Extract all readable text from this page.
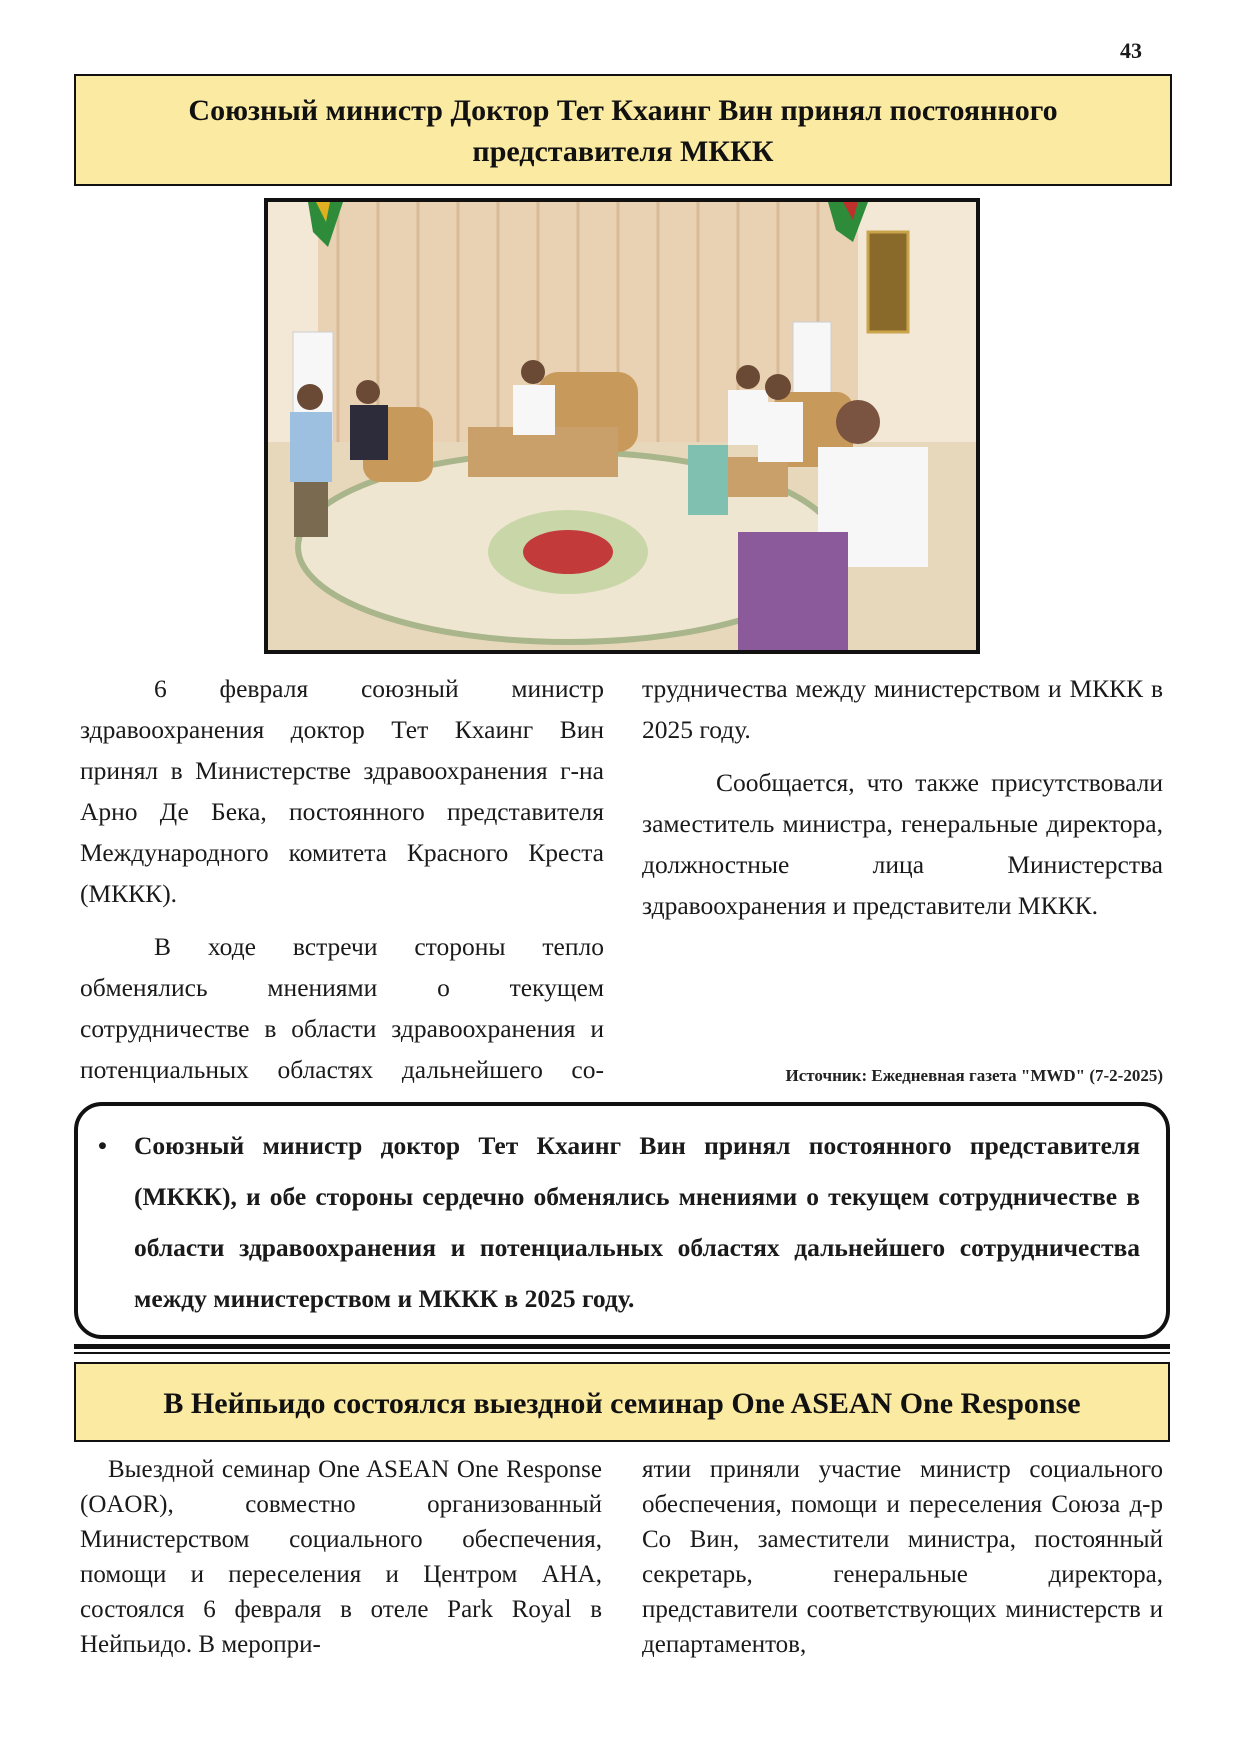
43
Союзный министр Доктор Тет Кхаинг Вин принял постоянного
представителя МККК

6 февраля союзный министр здравоохранения доктор Тет Кхаинг Вин принял в Министерстве здравоохранения г-на Арно Де Бека, постоянного представителя Международного комитета Красного Креста (МККК).

В ходе встречи стороны тепло обменялись мнениями о текущем сотрудничестве в области здравоохранения и потенциальных областях дальнейшего со-

трудничества между министерством и МККК в 2025 году.

Сообщается, что также присутствовали заместитель министра, генеральные директора, должностные лица Министерства здравоохранения и представители МККК.

Источник: Ежедневная газета "MWD" (7-2-2025)
• Союзный министр доктор Тет Кхаинг Вин принял постоянного представителя (МККК), и обе стороны сердечно обменялись мнениями о текущем сотрудничестве в области здравоохранения и потенциальных областях дальнейшего сотрудничества между министерством и МККК в 2025 году.
В Нейпьидо состоялся выездной семинар One ASEAN One Response

Выездной семинар One ASEAN One Response (OAOR), совместно организованный Министерством социального обеспечения, помощи и переселения и Центром AHA, состоялся 6 февраля в отеле Park Royal в Нейпьидо. В меропри-

ятии приняли участие министр социального обеспечения, помощи и переселения Союза д-р Со Вин, заместители министра, постоянный секретарь, генеральные директора, представители соответствующих министерств и департаментов,
